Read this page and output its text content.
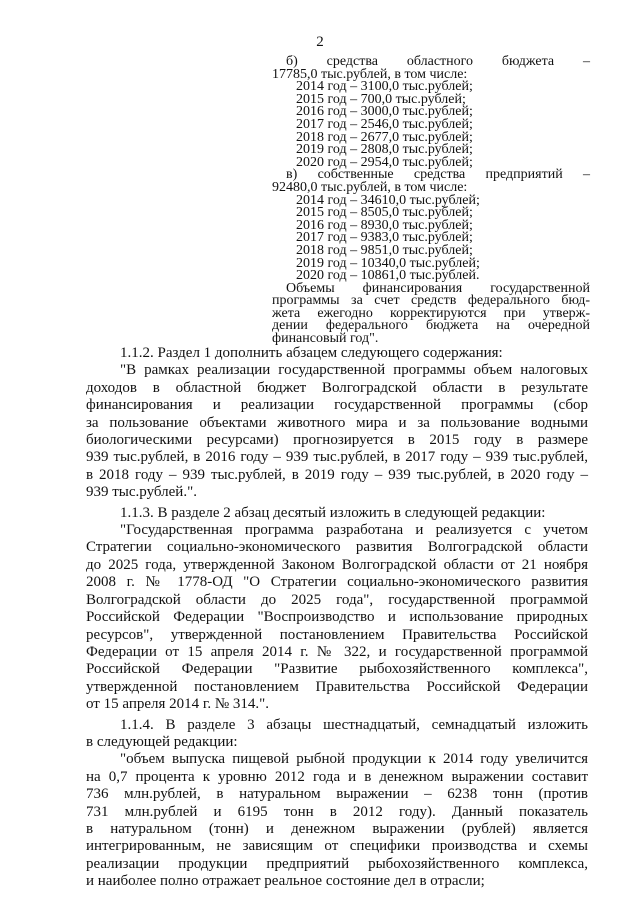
2
б) средства областного бюджета –
17785,0 тыс.рублей, в том числе:
2014 год – 3100,0 тыс.рублей;
2015 год – 700,0 тыс.рублей;
2016 год – 3000,0 тыс.рублей;
2017 год – 2546,0 тыс.рублей;
2018 год – 2677,0 тыс.рублей;
2019 год – 2808,0 тыс.рублей;
2020 год – 2954,0 тыс.рублей;
в) собственные средства предприятий –
92480,0 тыс.рублей, в том числе:
2014 год – 34610,0 тыс.рублей;
2015 год – 8505,0 тыс.рублей;
2016 год – 8930,0 тыс.рублей;
2017 год – 9383,0 тыс.рублей;
2018 год – 9851,0 тыс.рублей;
2019 год – 10340,0 тыс.рублей;
2020 год – 10861,0 тыс.рублей.
Объемы финансирования государственной
программы за счет средств федерального бюд-
жета ежегодно корректируются при утверж-
дении федерального бюджета на очередной
финансовый год".
1.1.2. Раздел 1 дополнить абзацем следующего содержания:
"В рамках реализации государственной программы объем налоговых
доходов в областной бюджет Волгоградской области в результате
финансирования и реализации государственной программы (сбор
за пользование объектами животного мира и за пользование водными
биологическими ресурсами) прогнозируется в 2015 году в размере
939 тыс.рублей, в 2016 году – 939 тыс.рублей, в 2017 году – 939 тыс.рублей,
в 2018 году – 939 тыс.рублей, в 2019 году – 939 тыс.рублей, в 2020 году –
939 тыс.рублей.".
1.1.3. В разделе 2 абзац десятый изложить в следующей редакции:
"Государственная программа разработана и реализуется с учетом
Стратегии социально-экономического развития Волгоградской области
до 2025 года, утвержденной Законом Волгоградской области от 21 ноября
2008 г. № 1778-ОД "О Стратегии социально-экономического развития
Волгоградской области до 2025 года", государственной программой
Российской Федерации "Воспроизводство и использование природных
ресурсов", утвержденной постановлением Правительства Российской
Федерации от 15 апреля 2014 г. № 322, и государственной программой
Российской Федерации "Развитие рыбохозяйственного комплекса",
утвержденной постановлением Правительства Российской Федерации
от 15 апреля 2014 г. № 314.".
1.1.4. В разделе 3 абзацы шестнадцатый, семнадцатый изложить
в следующей редакции:
"объем выпуска пищевой рыбной продукции к 2014 году увеличится
на 0,7 процента к уровню 2012 года и в денежном выражении составит
736 млн.рублей, в натуральном выражении – 6238 тонн (против
731 млн.рублей и 6195 тонн в 2012 году). Данный показатель
в натуральном (тонн) и денежном выражении (рублей) является
интегрированным, не зависящим от специфики производства и схемы
реализации продукции предприятий рыбохозяйственного комплекса,
и наиболее полно отражает реальное состояние дел в отрасли;
